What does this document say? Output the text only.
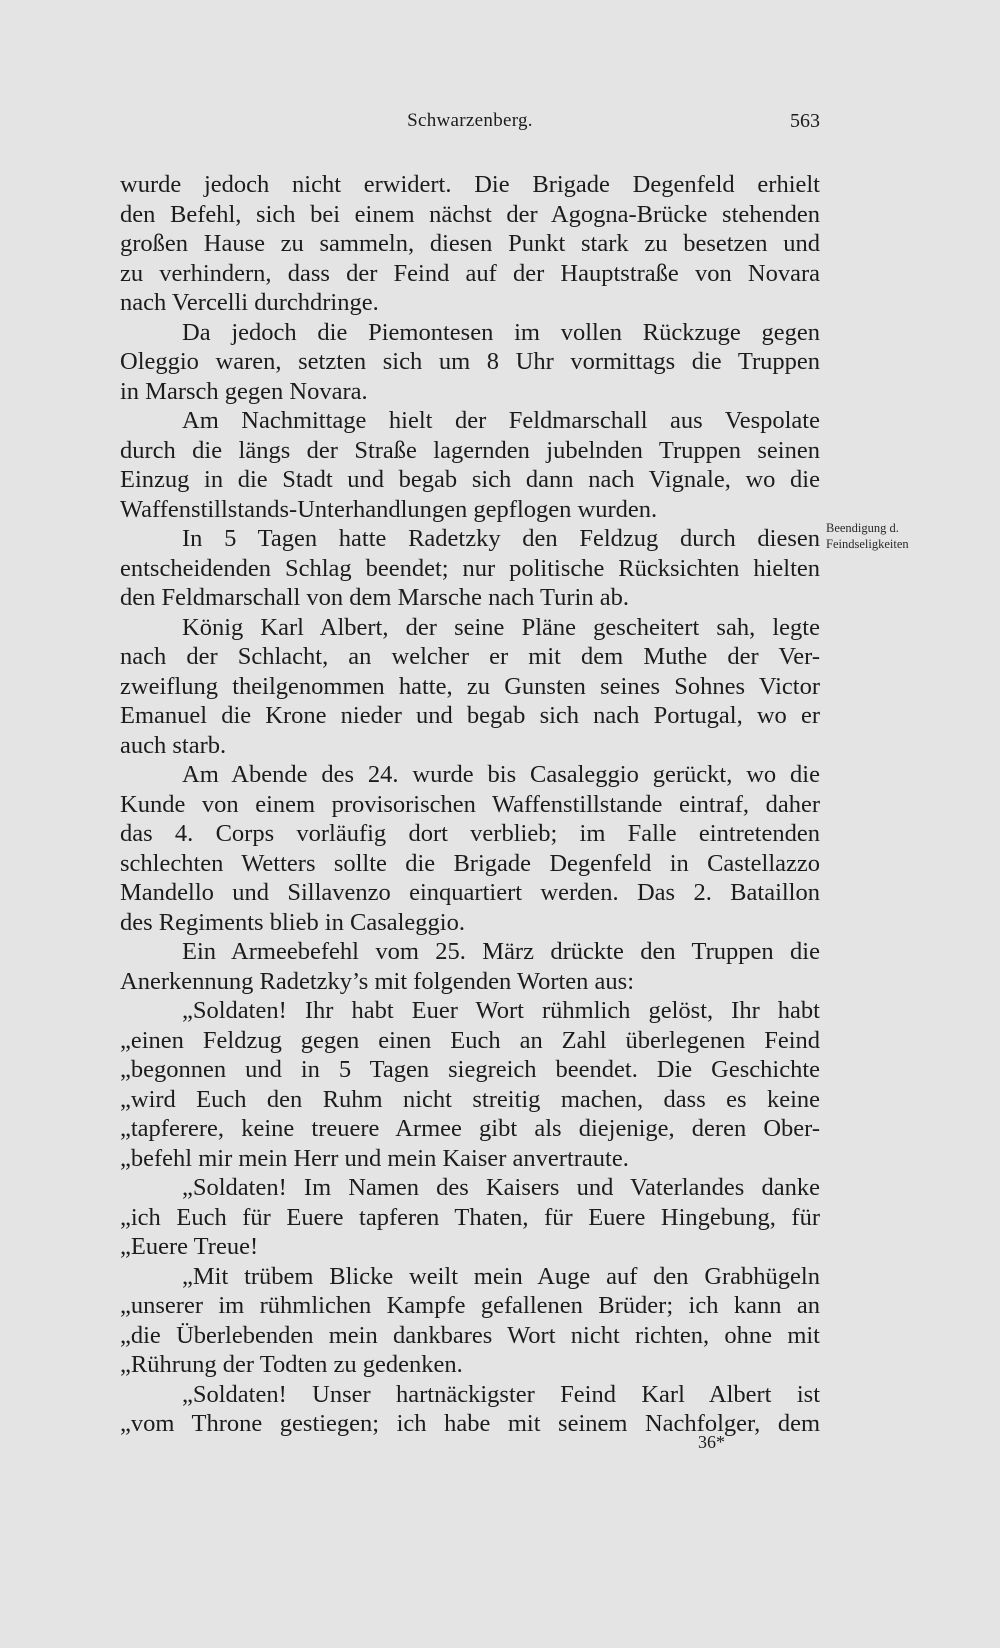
Schwarzenberg.	563
wurde jedoch nicht erwidert. Die Brigade Degenfeld erhielt
den Befehl, sich bei einem nächst der Agogna-Brücke stehenden
großen Hause zu sammeln, diesen Punkt stark zu besetzen und
zu verhindern, dass der Feind auf der Hauptstraße von Novara
nach Vercelli durchdringe.
Da jedoch die Piemontesen im vollen Rückzuge gegen
Oleggio waren, setzten sich um 8 Uhr vormittags die Truppen
in Marsch gegen Novara.
Am Nachmittage hielt der Feldmarschall aus Vespolate
durch die längs der Straße lagernden jubelnden Truppen seinen
Einzug in die Stadt und begab sich dann nach Vignale, wo die
Waffenstillstands-Unterhandlungen gepflogen wurden.
In 5 Tagen hatte Radetzky den Feldzug durch diesen
entscheidenden Schlag beendet; nur politische Rücksichten hielten
den Feldmarschall von dem Marsche nach Turin ab.
König Karl Albert, der seine Pläne gescheitert sah, legte
nach der Schlacht, an welcher er mit dem Muthe der Ver-
zweiflung theilgenommen hatte, zu Gunsten seines Sohnes Victor
Emanuel die Krone nieder und begab sich nach Portugal, wo er
auch starb.
Am Abende des 24. wurde bis Casaleggio gerückt, wo die
Kunde von einem provisorischen Waffenstillstande eintraf, daher
das 4. Corps vorläufig dort verblieb; im Falle eintretenden
schlechten Wetters sollte die Brigade Degenfeld in Castellazzo
Mandello und Sillavenzo einquartiert werden. Das 2. Bataillon
des Regiments blieb in Casaleggio.
Ein Armeebefehl vom 25. März drückte den Truppen die
Anerkennung Radetzky’s mit folgenden Worten aus:
„Soldaten! Ihr habt Euer Wort rühmlich gelöst, Ihr habt
„einen Feldzug gegen einen Euch an Zahl überlegenen Feind
„begonnen und in 5 Tagen siegreich beendet. Die Geschichte
„wird Euch den Ruhm nicht streitig machen, dass es keine
„tapferere, keine treuere Armee gibt als diejenige, deren Ober-
„befehl mir mein Herr und mein Kaiser anvertraute.
„Soldaten! Im Namen des Kaisers und Vaterlandes danke
„ich Euch für Euere tapferen Thaten, für Euere Hingebung, für
„Euere Treue!
„Mit trübem Blicke weilt mein Auge auf den Grabhügeln
„unserer im rühmlichen Kampfe gefallenen Brüder; ich kann an
„die Überlebenden mein dankbares Wort nicht richten, ohne mit
„Rührung der Todten zu gedenken.
„Soldaten! Unser hartnäckigster Feind Karl Albert ist
„vom Throne gestiegen; ich habe mit seinem Nachfolger, dem
Beendigung d.
Feindseligkeiten
36*
